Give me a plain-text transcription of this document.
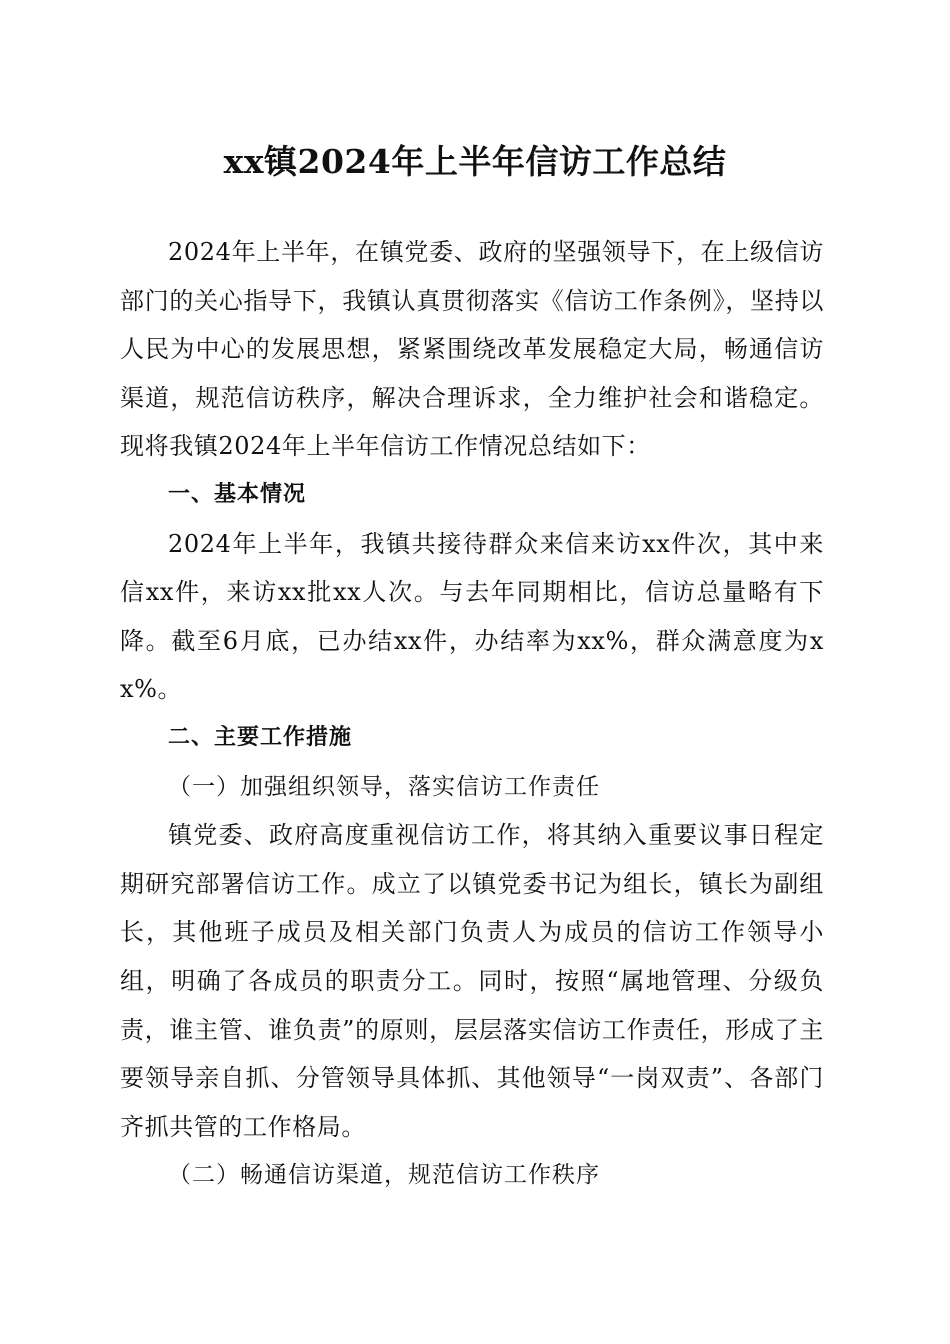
xx镇2024年上半年信访工作总结

2024年上半年，在镇党委、政府的坚强领导下，在上级信访部门的关心指导下，我镇认真贯彻落实《信访工作条例》，坚持以人民为中心的发展思想，紧紧围绕改革发展稳定大局，畅通信访渠道，规范信访秩序，解决合理诉求，全力维护社会和谐稳定。现将我镇2024年上半年信访工作情况总结如下：

一、基本情况

2024年上半年，我镇共接待群众来信来访xx件次，其中来信xx件，来访xx批xx人次。与去年同期相比，信访总量略有下降。截至6月底，已办结xx件，办结率为xx%，群众满意度为xx%。

二、主要工作措施

（一）加强组织领导，落实信访工作责任

镇党委、政府高度重视信访工作，将其纳入重要议事日程定期研究部署信访工作。成立了以镇党委书记为组长，镇长为副组长，其他班子成员及相关部门负责人为成员的信访工作领导小组，明确了各成员的职责分工。同时，按照“属地管理、分级负责，谁主管、谁负责”的原则，层层落实信访工作责任，形成了主要领导亲自抓、分管领导具体抓、其他领导“一岗双责”、各部门齐抓共管的工作格局。

（二）畅通信访渠道，规范信访工作秩序
